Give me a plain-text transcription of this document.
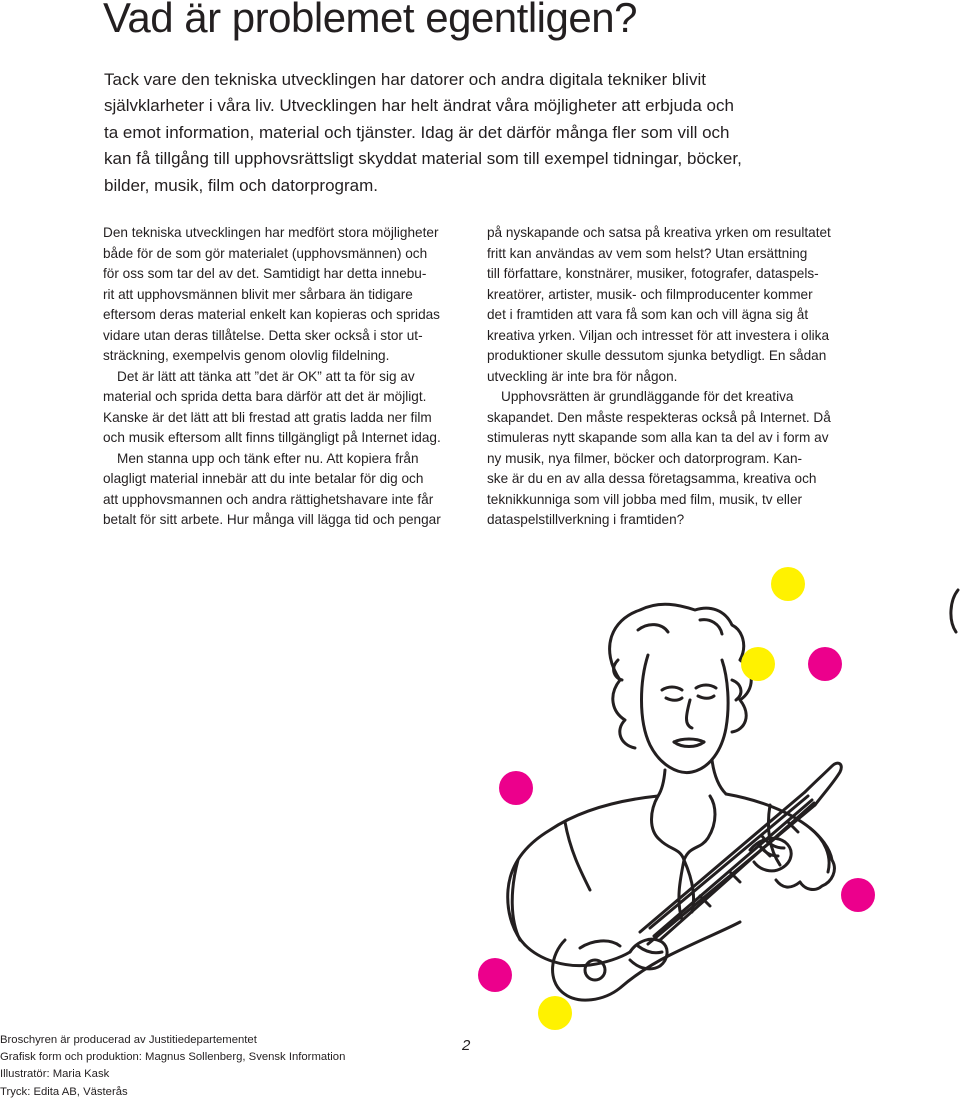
Vad är problemet egentligen?
Tack vare den tekniska utvecklingen har datorer och andra digitala tekniker blivit
självklarheter i våra liv. Utvecklingen har helt ändrat våra möjligheter att erbjuda och
ta emot information, material och tjänster. Idag är det därför många fler som vill och
kan få tillgång till upphovsrättsligt skyddat material som till exempel tidningar, böcker,
bilder, musik, film och datorprogram.
Den tekniska utvecklingen har medfört stora möjligheter
både för de som gör materialet (upphovsmännen) och
för oss som tar del av det. Samtidigt har detta innebu-
rit att upphovsmännen blivit mer sårbara än tidigare
eftersom deras material enkelt kan kopieras och spridas
vidare utan deras tillåtelse. Detta sker också i stor ut-
sträckning, exempelvis genom olovlig fildelning.
Det är lätt att tänka att ”det är OK” att ta för sig av
material och sprida detta bara därför att det är möjligt.
Kanske är det lätt att bli frestad att gratis ladda ner film
och musik eftersom allt finns tillgängligt på Internet idag.
Men stanna upp och tänk efter nu. Att kopiera från
olagligt material innebär att du inte betalar för dig och
att upphovsmannen och andra rättighetshavare inte får
betalt för sitt arbete. Hur många vill lägga tid och pengar
på nyskapande och satsa på kreativa yrken om resultatet
fritt kan användas av vem som helst? Utan ersättning
till författare, konstnärer, musiker, fotografer, dataspels-
kreatörer, artister, musik- och filmproducenter kommer
det i framtiden att vara få som kan och vill ägna sig åt
kreativa yrken. Viljan och intresset för att investera i olika
produktioner skulle dessutom sjunka betydligt. En sådan
utveckling är inte bra för någon.
Upphovsrätten är grundläggande för det kreativa
skapandet. Den måste respekteras också på Internet. Då
stimuleras nytt skapande som alla kan ta del av i form av
ny musik, nya filmer, böcker och datorprogram. Kan-
ske är du en av alla dessa företagsamma, kreativa och
teknikkunniga som vill jobba med film, musik, tv eller
dataspelstillverkning i framtiden?
Broschyren är producerad av Justitiedepartementet
Grafisk form och produktion: Magnus Sollenberg, Svensk Information
Illustratör: Maria Kask
Tryck: Edita AB, Västerås
2
